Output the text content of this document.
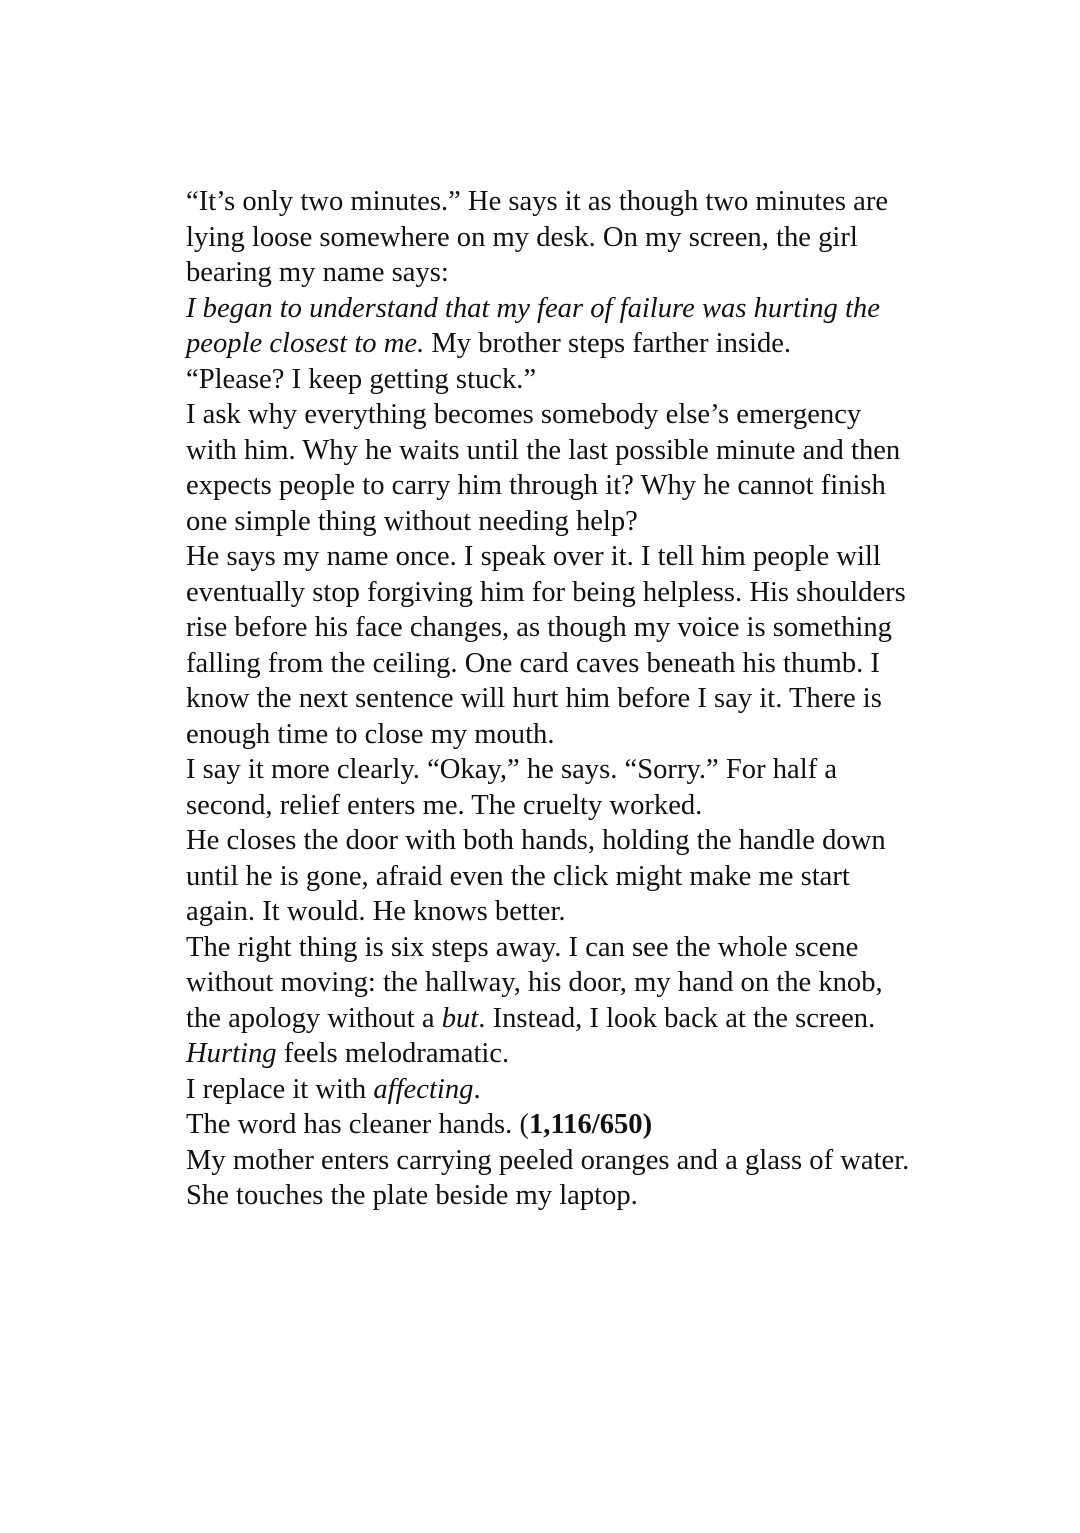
“It’s only two minutes.” He says it as though two minutes are lying loose somewhere on my desk. On my screen, the girl bearing my name says:

I began to understand that my fear of failure was hurting the people closest to me. My brother steps farther inside.

“Please? I keep getting stuck.”

I ask why everything becomes somebody else’s emergency with him. Why he waits until the last possible minute and then expects people to carry him through it? Why he cannot finish one simple thing without needing help?

He says my name once. I speak over it. I tell him people will eventually stop forgiving him for being helpless. His shoulders rise before his face changes, as though my voice is something falling from the ceiling. One card caves beneath his thumb. I know the next sentence will hurt him before I say it. There is enough time to close my mouth.

I say it more clearly. “Okay,” he says. “Sorry.” For half a second, relief enters me. The cruelty worked.

He closes the door with both hands, holding the handle down until he is gone, afraid even the click might make me start again. It would. He knows better.

The right thing is six steps away. I can see the whole scene without moving: the hallway, his door, my hand on the knob, the apology without a but. Instead, I look back at the screen.

Hurting feels melodramatic.

I replace it with affecting.

The word has cleaner hands. (1,116/650)

My mother enters carrying peeled oranges and a glass of water. She touches the plate beside my laptop.
